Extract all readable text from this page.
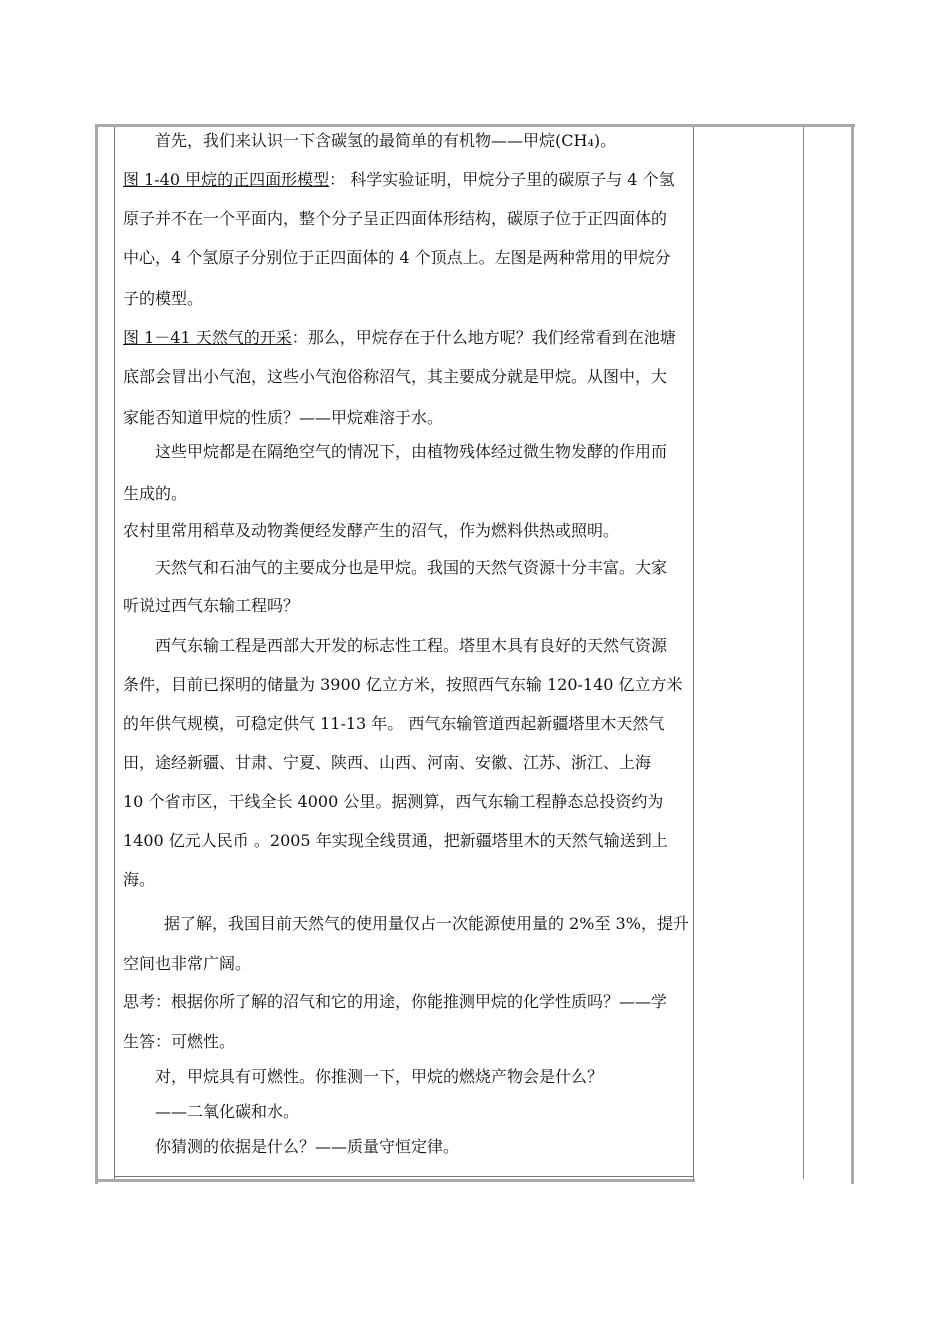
首先，我们来认识一下含碳氢的最简单的有机物——甲烷(CH₄)。
图 1-40 甲烷的正四面形模型： 科学实验证明，甲烷分子里的碳原子与 4 个氢
原子并不在一个平面内，整个分子呈正四面体形结构，碳原子位于正四面体的
中心，4 个氢原子分别位于正四面体的 4 个顶点上。左图是两种常用的甲烷分
子的模型。
图 1－41 天然气的开采：那么，甲烷存在于什么地方呢？我们经常看到在池塘
底部会冒出小气泡，这些小气泡俗称沼气，其主要成分就是甲烷。从图中，大
家能否知道甲烷的性质？——甲烷难溶于水。
这些甲烷都是在隔绝空气的情况下，由植物残体经过微生物发酵的作用而
生成的。
农村里常用稻草及动物粪便经发酵产生的沼气，作为燃料供热或照明。
天然气和石油气的主要成分也是甲烷。我国的天然气资源十分丰富。大家
听说过西气东输工程吗？
西气东输工程是西部大开发的标志性工程。塔里木具有良好的天然气资源
条件，目前已探明的储量为 3900 亿立方米，按照西气东输 120-140 亿立方米
的年供气规模，可稳定供气 11-13 年。 西气东输管道西起新疆塔里木天然气
田，途经新疆、甘肃、宁夏、陕西、山西、河南、安徽、江苏、浙江、上海
10 个省市区，干线全长 4000 公里。据测算，西气东输工程静态总投资约为
1400 亿元人民币 。2005 年实现全线贯通，把新疆塔里木的天然气输送到上
海。
据了解，我国目前天然气的使用量仅占一次能源使用量的 2%至 3%，提升
空间也非常广阔。
思考：根据你所了解的沼气和它的用途，你能推测甲烷的化学性质吗？——学
生答：可燃性。
对，甲烷具有可燃性。你推测一下，甲烷的燃烧产物会是什么？
——二氧化碳和水。
你猜测的依据是什么？——质量守恒定律。
